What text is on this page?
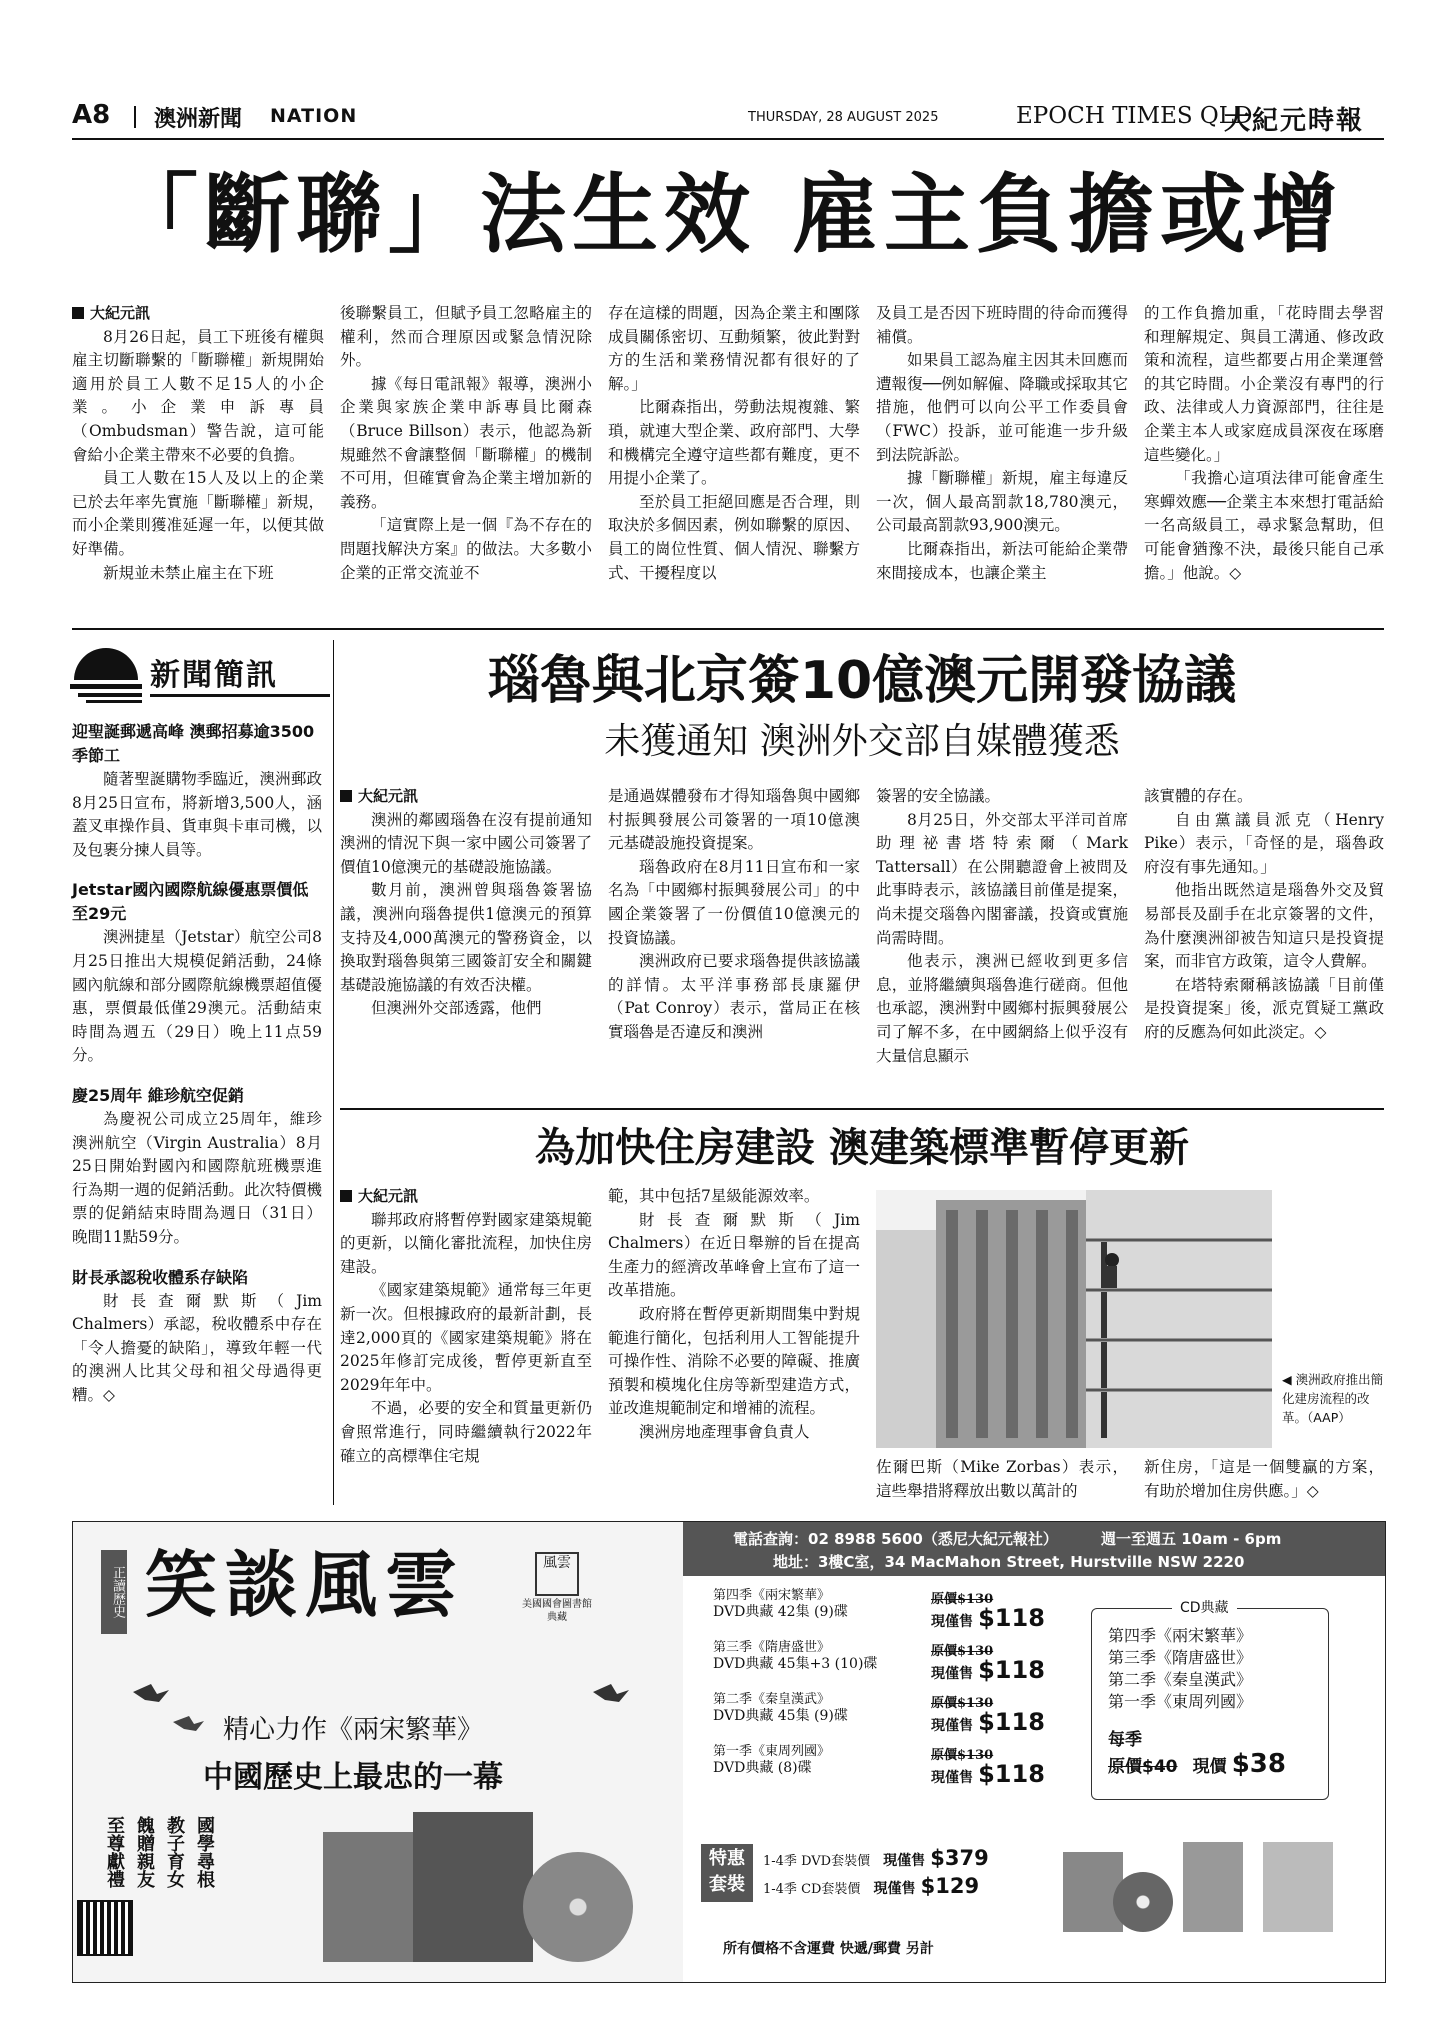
A8 澳洲新聞 NATION	THURSDAY, 28 AUGUST 2025	EPOCH TIMES QLD
大紀元時報
「斷聯」法生效 雇主負擔或增

大紀元訊

8月26日起，員工下班後有權與雇主切斷聯繫的「斷聯權」新規開始適用於員工人數不足15人的小企業。小企業申訴專員（Ombudsman）警告說，這可能會給小企業主帶來不必要的負擔。

員工人數在15人及以上的企業已於去年率先實施「斷聯權」新規，而小企業則獲准延遲一年，以便其做好準備。

新規並未禁止雇主在下班

後聯繫員工，但賦予員工忽略雇主的權利，然而合理原因或緊急情況除外。

據《每日電訊報》報導，澳洲小企業與家族企業申訴專員比爾森（Bruce Billson）表示，他認為新規雖然不會讓整個「斷聯權」的機制不可用，但確實會為企業主增加新的義務。

「這實際上是一個『為不存在的問題找解決方案』的做法。大多數小企業的正常交流並不

存在這樣的問題，因為企業主和團隊成員關係密切、互動頻繁，彼此對對方的生活和業務情況都有很好的了解。」

比爾森指出，勞動法規複雜、繁瑣，就連大型企業、政府部門、大學和機構完全遵守這些都有難度，更不用提小企業了。

至於員工拒絕回應是否合理，則取決於多個因素，例如聯繫的原因、員工的崗位性質、個人情況、聯繫方式、干擾程度以

及員工是否因下班時間的待命而獲得補償。

如果員工認為雇主因其未回應而遭報復──例如解僱、降職或採取其它措施，他們可以向公平工作委員會（FWC）投訴，並可能進一步升級到法院訴訟。

據「斷聯權」新規，雇主每違反一次，個人最高罰款18,780澳元，公司最高罰款93,900澳元。

比爾森指出，新法可能給企業帶來間接成本，也讓企業主

的工作負擔加重，「花時間去學習和理解規定、與員工溝通、修改政策和流程，這些都要占用企業運營的其它時間。小企業沒有專門的行政、法律或人力資源部門，往往是企業主本人或家庭成員深夜在琢磨這些變化。」

「我擔心這項法律可能會產生寒蟬效應──企業主本來想打電話給一名高級員工，尋求緊急幫助，但可能會猶豫不決，最後只能自己承擔。」他說。◇

新聞簡訊

迎聖誕郵遞高峰 澳郵招募逾3500季節工

隨著聖誕購物季臨近，澳洲郵政8月25日宣布，將新增3,500人，涵蓋叉車操作員、貨車與卡車司機，以及包裹分揀人員等。

Jetstar國內國際航線優惠票價低至29元

澳洲捷星（Jetstar）航空公司8月25日推出大規模促銷活動，24條國內航線和部分國際航線機票超值優惠，票價最低僅29澳元。活動結束時間為週五（29日）晚上11点59分。

慶25周年 維珍航空促銷

為慶祝公司成立25周年，維珍澳洲航空（Virgin Australia）8月25日開始對國內和國際航班機票進行為期一週的促銷活動。此次特價機票的促銷結束時間為週日（31日）晚間11點59分。

財長承認稅收體系存缺陷

財長查爾默斯（Jim Chalmers）承認，稅收體系中存在「令人擔憂的缺陷」，導致年輕一代的澳洲人比其父母和祖父母過得更糟。◇

瑙魯與北京簽10億澳元開發協議
未獲通知 澳洲外交部自媒體獲悉

大紀元訊

澳洲的鄰國瑙魯在沒有提前通知澳洲的情況下與一家中國公司簽署了價值10億澳元的基礎設施協議。

數月前，澳洲曾與瑙魯簽署協議，澳洲向瑙魯提供1億澳元的預算支持及4,000萬澳元的警務資金，以換取對瑙魯與第三國簽訂安全和關鍵基礎設施協議的有效否決權。

但澳洲外交部透露，他們

是通過媒體發布才得知瑙魯與中國鄉村振興發展公司簽署的一項10億澳元基礎設施投資提案。

瑙魯政府在8月11日宣布和一家名為「中國鄉村振興發展公司」的中國企業簽署了一份價值10億澳元的投資協議。

澳洲政府已要求瑙魯提供該協議的詳情。太平洋事務部長康羅伊（Pat Conroy）表示，當局正在核實瑙魯是否違反和澳洲

簽署的安全協議。

8月25日，外交部太平洋司首席助理祕書塔特索爾（Mark Tattersall）在公開聽證會上被問及此事時表示，該協議目前僅是提案，尚未提交瑙魯內閣審議，投資或實施尚需時間。

他表示，澳洲已經收到更多信息，並將繼續與瑙魯進行磋商。但他也承認，澳洲對中國鄉村振興發展公司了解不多，在中國網絡上似乎沒有大量信息顯示

該實體的存在。

自由黨議員派克（Henry Pike）表示，「奇怪的是，瑙魯政府沒有事先通知。」

他指出既然這是瑙魯外交及貿易部長及副手在北京簽署的文件，為什麼澳洲卻被告知這只是投資提案，而非官方政策，這令人費解。

在塔特索爾稱該協議「目前僅是投資提案」後，派克質疑工黨政府的反應為何如此淡定。◇

為加快住房建設 澳建築標準暫停更新

大紀元訊

聯邦政府將暫停對國家建築規範的更新，以簡化審批流程，加快住房建設。

《國家建築規範》通常每三年更新一次。但根據政府的最新計劃，長達2,000頁的《國家建築規範》將在2025年修訂完成後，暫停更新直至2029年年中。

不過，必要的安全和質量更新仍會照常進行，同時繼續執行2022年確立的高標準住宅規

範，其中包括7星級能源效率。

財長查爾默斯（Jim Chalmers）在近日舉辦的旨在提高生產力的經濟改革峰會上宣布了這一改革措施。

政府將在暫停更新期間集中對規範進行簡化，包括利用人工智能提升可操作性、消除不必要的障礙、推廣預製和模塊化住房等新型建造方式，並改進規範制定和增補的流程。

澳洲房地產理事會負責人

◀ 澳洲政府推出簡化建房流程的改革。（AAP）

佐爾巴斯（Mike Zorbas）表示，這些舉措將釋放出數以萬計的

新住房，「這是一個雙贏的方案，有助於增加住房供應。」◇

正讀歷史 笑談風雲	風雲
美國國會圖書館典藏
精心力作《兩宋繁華》
中國歷史上最忠的一幕
國學尋根
教子育女
餽贈親友
至尊獻禮
電話查詢：02 8988 5600（悉尼大紀元報社）	週一至週五 10am - 6pm
地址：3樓C室，34 MacMahon Street, Hurstville NSW 2220
第四季《兩宋繁華》
DVD典藏 42集 (9)碟
原價$130
現僅售 $118
第三季《隋唐盛世》
DVD典藏 45集+3 (10)碟
原價$130
現僅售 $118
第二季《秦皇漢武》
DVD典藏 45集 (9)碟
原價$130
現僅售 $118
第一季《東周列國》
DVD典藏 (8)碟
原價$130
現僅售 $118
CD典藏
第四季《兩宋繁華》
第三季《隋唐盛世》
第二季《秦皇漢武》
第一季《東周列國》
每季
原價$40 現價 $38
特惠套裝
1-4季 DVD套裝價 現僅售 $379
1-4季 CD套裝價 現僅售 $129
所有價格不含運費 快遞/郵費 另計
